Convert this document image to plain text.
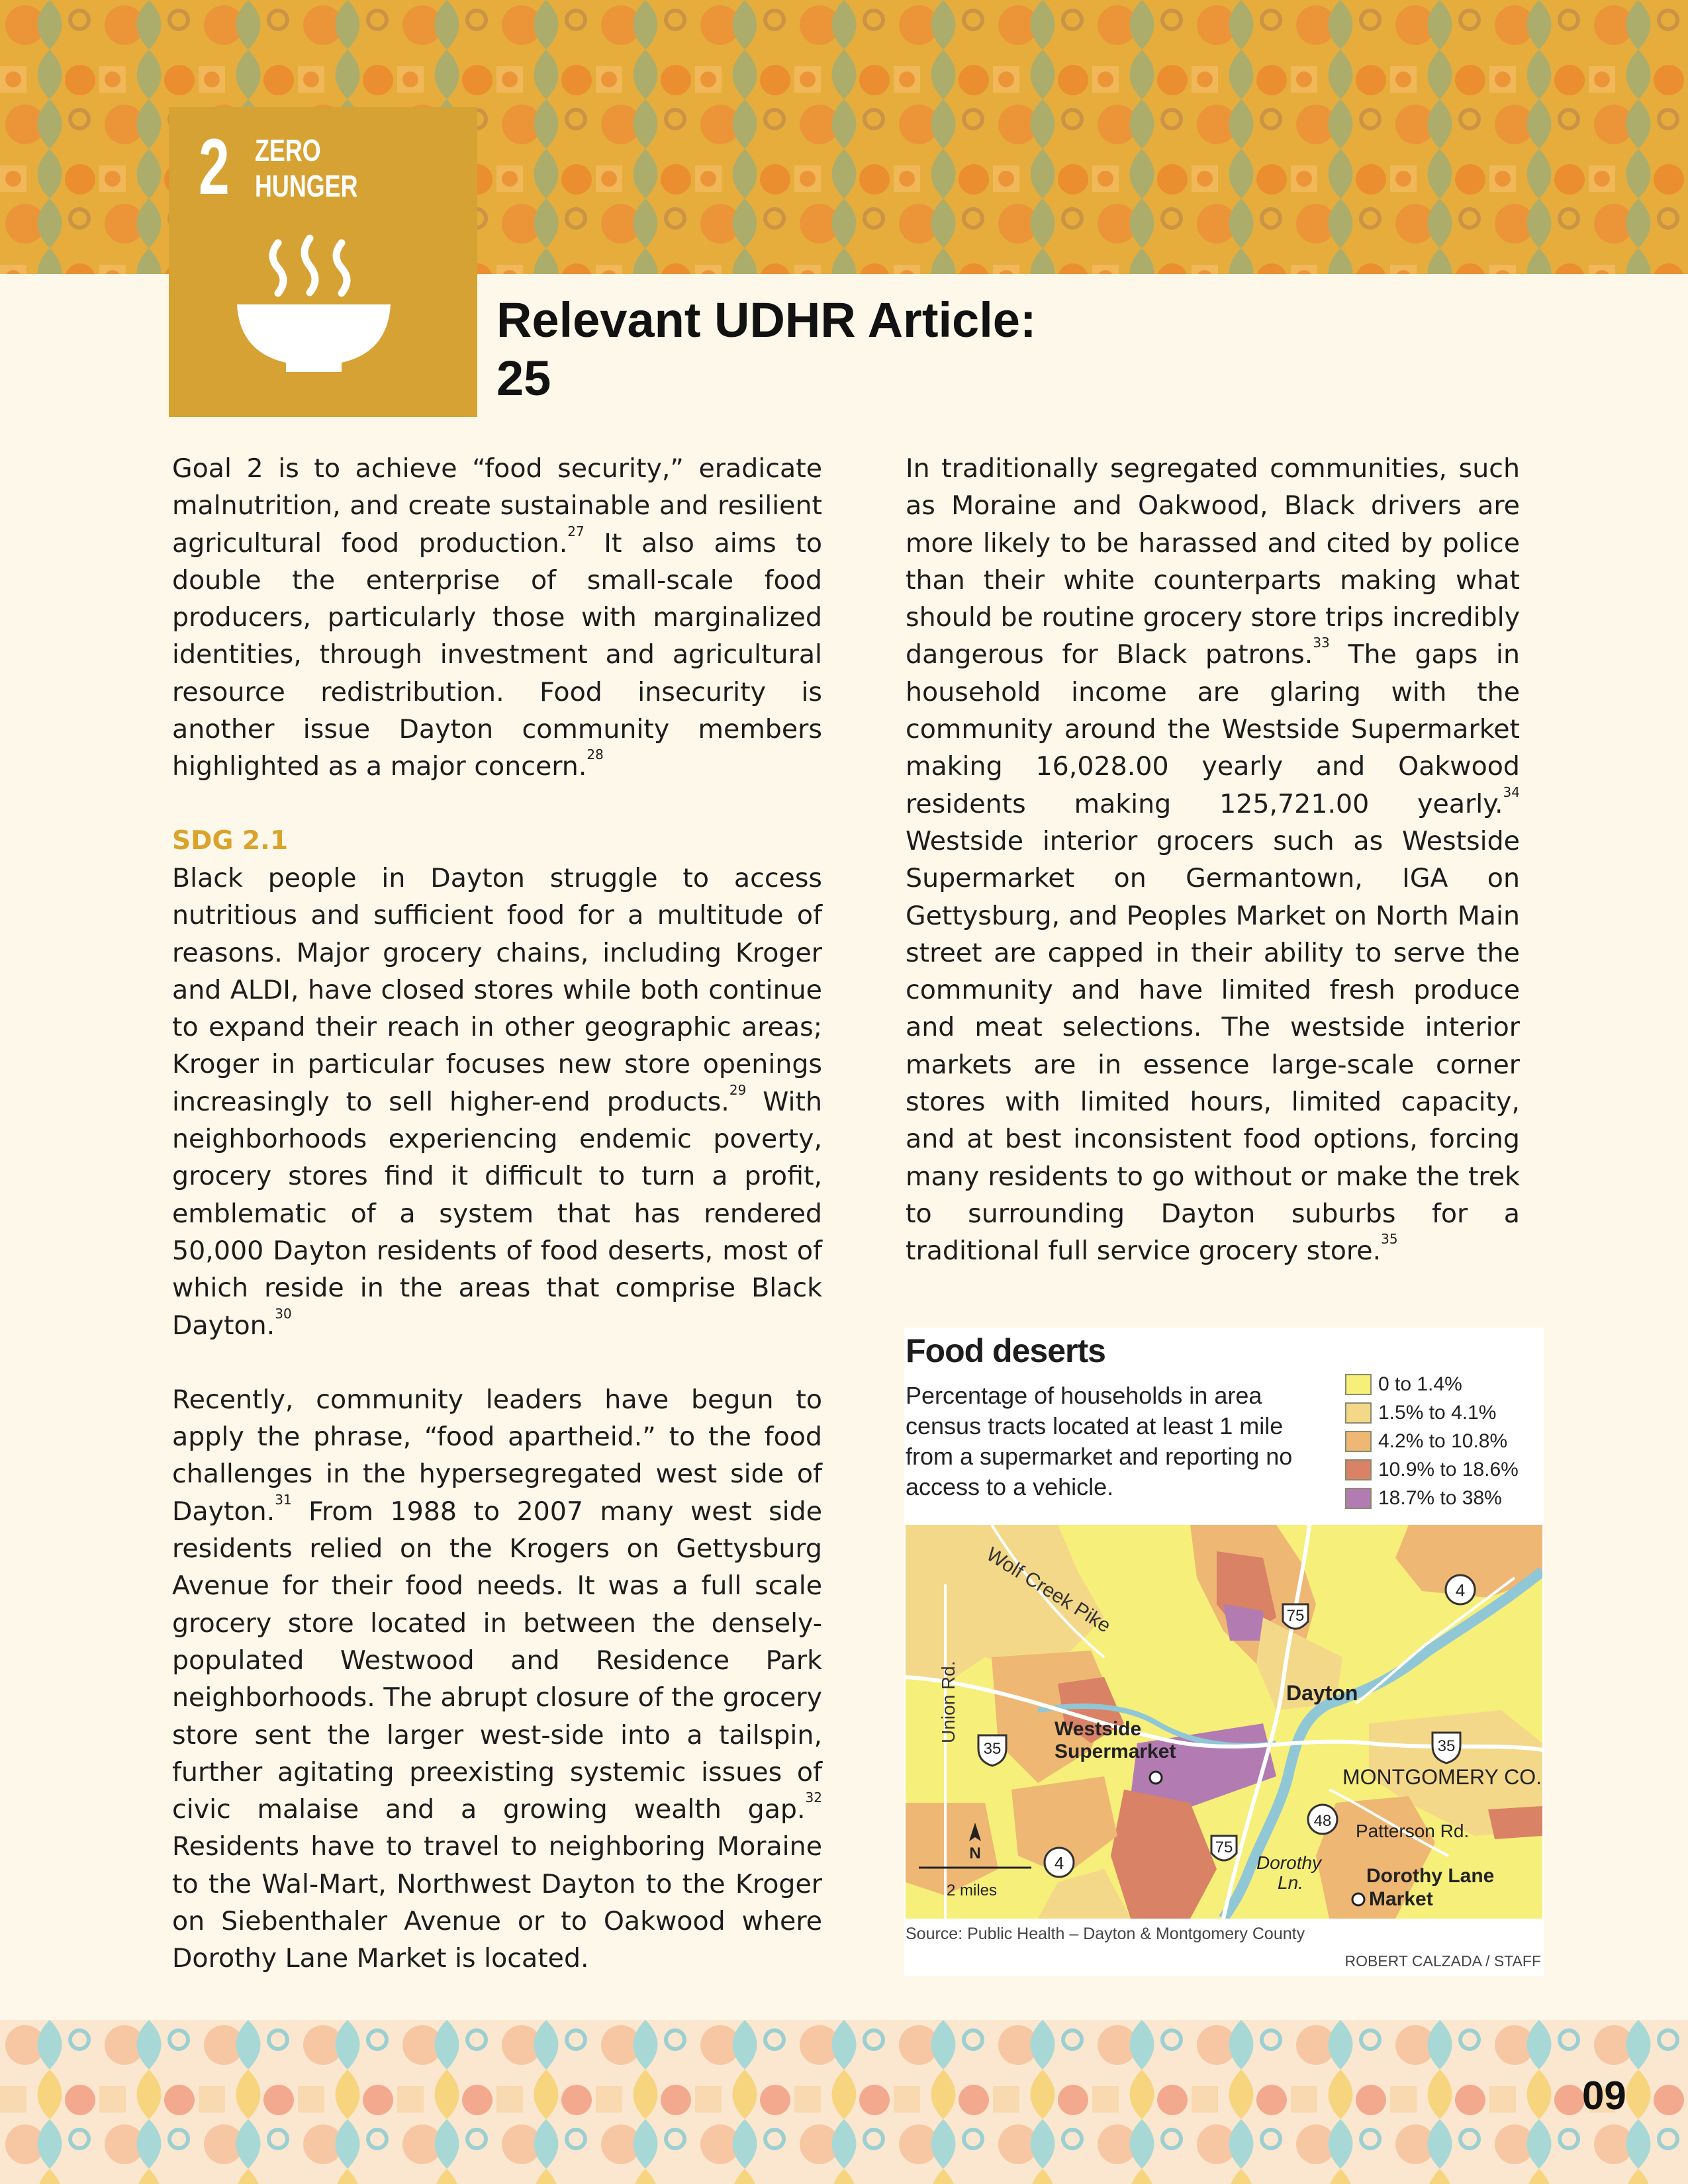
2 ZERO
HUNGER
Relevant UDHR Article:
25

Goal 2 is to achieve “food security,” eradicate malnutrition, and create sustainable and resilient agricultural food production.$^{27}$ It also aims to double the enterprise of small-scale food producers, particularly those with marginalized identities, through investment and agricultural resource redistribution. Food insecurity is another issue Dayton community members highlighted as a major concern.$^{28}$

SDG 2.1

Black people in Dayton struggle to access nutritious and sufficient food for a multitude of reasons. Major grocery chains, including Kroger and ALDI, have closed stores while both continue to expand their reach in other geographic areas; Kroger in particular focuses new store openings increasingly to sell higher-end products.$^{29}$ With neighborhoods experiencing endemic poverty, grocery stores find it difficult to turn a profit, emblematic of a system that has rendered 50,000 Dayton residents of food deserts, most of which reside in the areas that comprise Black Dayton.$^{30}$

Recently, community leaders have begun to apply the phrase, “food apartheid.” to the food challenges in the hypersegregated west side of Dayton.$^{31}$ From 1988 to 2007 many west side residents relied on the Krogers on Gettysburg Avenue for their food needs. It was a full scale grocery store located in between the densely-populated Westwood and Residence Park neighborhoods. The abrupt closure of the grocery store sent the larger west-side into a tailspin, further agitating preexisting systemic issues of civic malaise and a growing wealth gap.$^{32}$ Residents have to travel to neighboring Moraine to the Wal-Mart, Northwest Dayton to the Kroger on Siebenthaler Avenue or to Oakwood where Dorothy Lane Market is located.

In traditionally segregated communities, such as Moraine and Oakwood, Black drivers are more likely to be harassed and cited by police than their white counterparts making what should be routine grocery store trips incredibly dangerous for Black patrons.$^{33}$ The gaps in household income are glaring with the community around the Westside Supermarket making 16,028.00 yearly and Oakwood residents making 125,721.00 yearly.$^{34}$ Westside interior grocers such as Westside Supermarket on Germantown, IGA on Gettysburg, and Peoples Market on North Main street are capped in their ability to serve the community and have limited fresh produce and meat selections. The westside interior markets are in essence large-scale corner stores with limited hours, limited capacity, and at best inconsistent food options, forcing many residents to go without or make the trek to surrounding Dayton suburbs for a traditional full service grocery store.$^{35}$

Food deserts
Percentage of households in area census tracts located at least 1 mile from a supermarket and reporting no access to a vehicle.
0 to 1.4%
1.5% to 4.1%
4.2% to 10.8%
10.9% to 18.6%
18.7% to 38%
Wolf Creek Pike
Union Rd.	Dayton
Westside
Supermarket
MONTGOMERY CO.
Patterson Rd.
Dorothy
Ln.	Dorothy Lane
Market
4
4
48
75
75
35	35
N
2 miles
Source: Public Health – Dayton & Montgomery County
ROBERT CALZADA / STAFF
09
